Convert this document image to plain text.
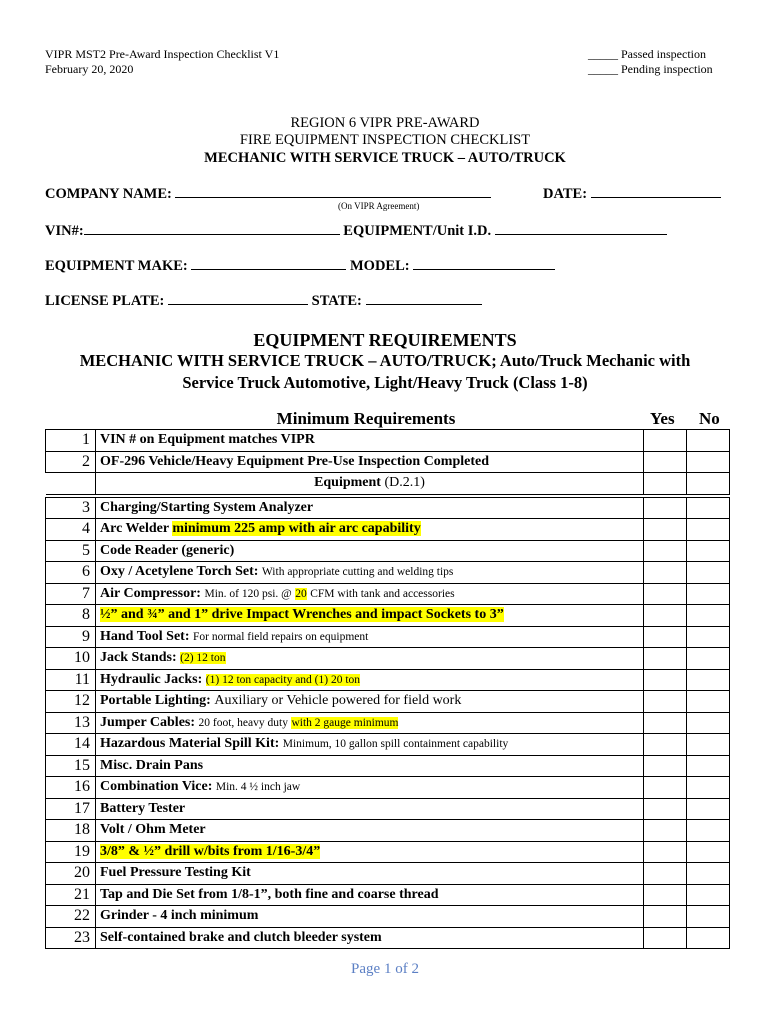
VIPR MST2 Pre-Award Inspection Checklist V1
February 20, 2020
_____ Passed inspection
_____ Pending inspection
REGION 6 VIPR PRE-AWARD
FIRE EQUIPMENT INSPECTION CHECKLIST
MECHANIC WITH SERVICE TRUCK – AUTO/TRUCK
COMPANY NAME:
(On VIPR Agreement)
DATE:
VIN#:	EQUIPMENT/Unit I.D.
EQUIPMENT MAKE:	MODEL:
LICENSE PLATE:	STATE:
EQUIPMENT REQUIREMENTS
MECHANIC WITH SERVICE TRUCK – AUTO/TRUCK; Auto/Truck Mechanic with
Service Truck Automotive, Light/Heavy Truck (Class 1-8)
Minimum Requirements	Yes No
1	VIN # on Equipment matches VIPR		
2	OF-296 Vehicle/Heavy Equipment Pre-Use Inspection Completed		
	Equipment (D.2.1)		

3	Charging/Starting System Analyzer		
4	Arc Welder minimum 225 amp with air arc capability		
5	Code Reader (generic)		
6	Oxy / Acetylene Torch Set: With appropriate cutting and welding tips		
7	Air Compressor: Min. of 120 psi. @ 20 CFM with tank and accessories		
8	½” and ¾” and 1” drive Impact Wrenches and impact Sockets to 3”		
9	Hand Tool Set: For normal field repairs on equipment		
10	Jack Stands: (2) 12 ton		
11	Hydraulic Jacks: (1) 12 ton capacity and (1) 20 ton		
12	Portable Lighting: Auxiliary or Vehicle powered for field work		
13	Jumper Cables: 20 foot, heavy duty with 2 gauge minimum		
14	Hazardous Material Spill Kit: Minimum, 10 gallon spill containment capability		
15	Misc. Drain Pans		
16	Combination Vice: Min. 4 ½ inch jaw		
17	Battery Tester		
18	Volt / Ohm Meter		
19	3/8” & ½” drill w/bits from 1/16-3/4”		
20	Fuel Pressure Testing Kit		
21	Tap and Die Set from 1/8-1”, both fine and coarse thread		
22	Grinder - 4 inch minimum		
23	Self-contained brake and clutch bleeder system		
Page 1 of 2
